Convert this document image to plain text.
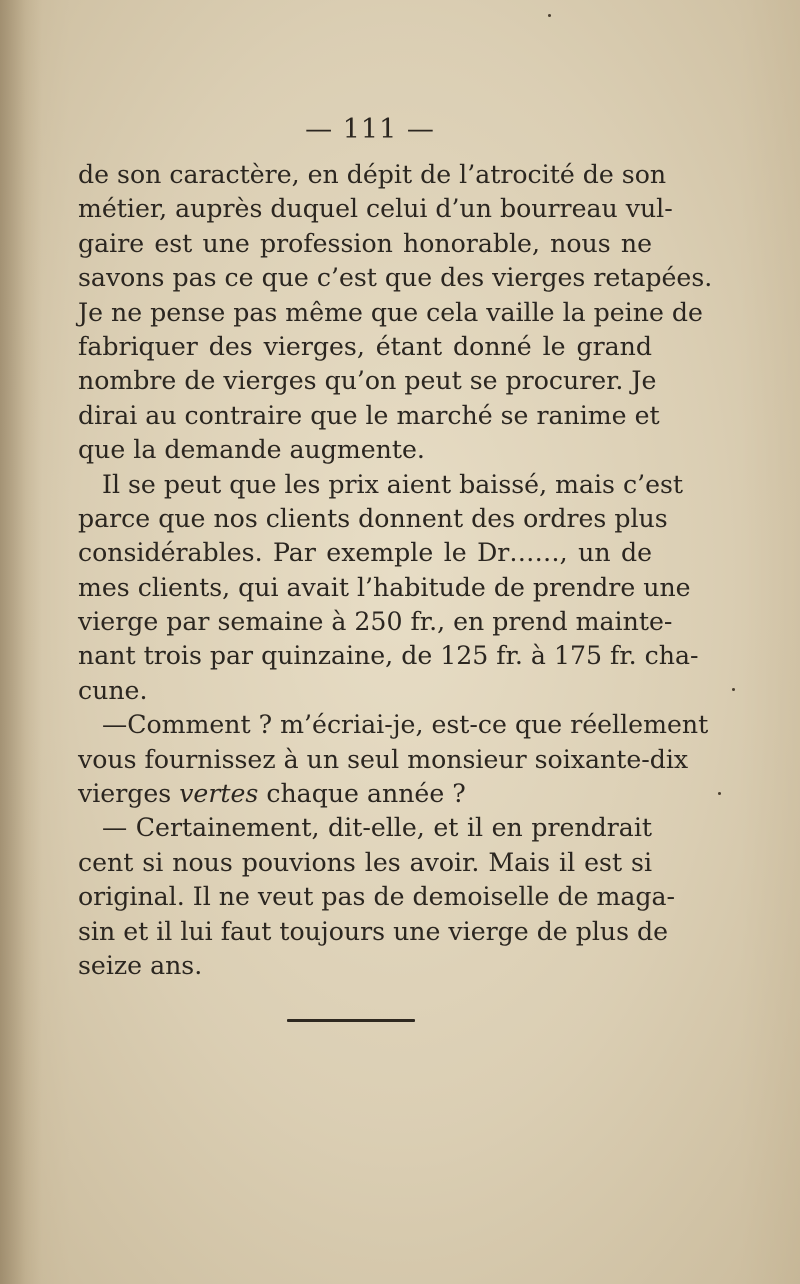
— 111 —
de son caractère, en dépit de l’atrocité de son
métier, auprès duquel celui d’un bourreau vul-
gaire est une profession honorable, nous ne
savons pas ce que c’est que des vierges retapées.
Je ne pense pas même que cela vaille la peine de
fabriquer des vierges, étant donné le grand
nombre de vierges qu’on peut se procurer. Je
dirai au contraire que le marché se ranime et
que la demande augmente.
Il se peut que les prix aient baissé, mais c’est
parce que nos clients donnent des ordres plus
considérables. Par exemple le Dr……, un de
mes clients, qui avait l’habitude de prendre une
vierge par semaine à 250 fr., en prend mainte-
nant trois par quinzaine, de 125 fr. à 175 fr. cha-
cune.
—Comment ? m’écriai-je, est-ce que réellement
vous fournissez à un seul monsieur soixante-dix
vierges vertes chaque année ?
— Certainement, dit-elle, et il en prendrait
cent si nous pouvions les avoir. Mais il est si
original. Il ne veut pas de demoiselle de maga-
sin et il lui faut toujours une vierge de plus de
seize ans.
